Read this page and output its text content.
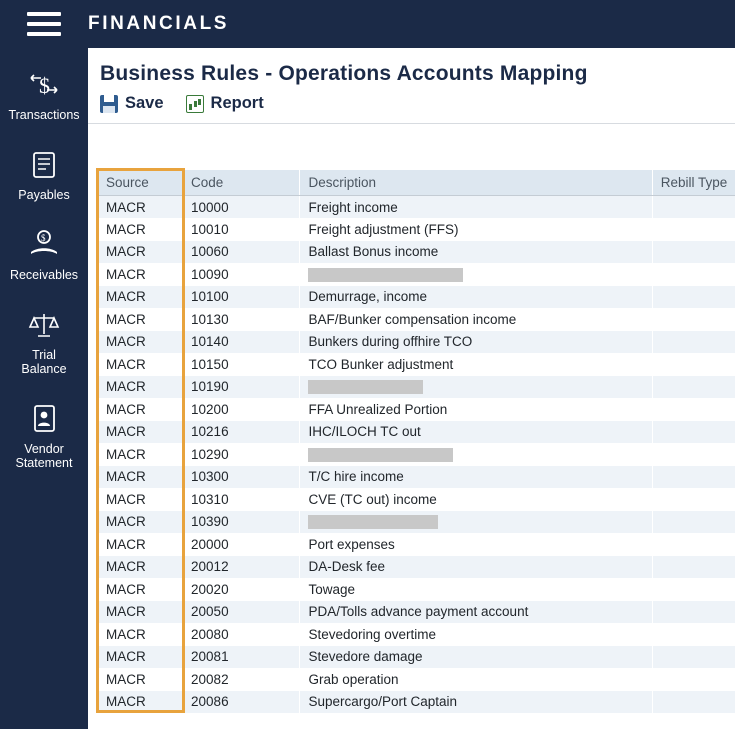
FINANCIALS
$
Transactions
Payables
$
Receivables
Trial
Balance
Vendor
Statement
Business Rules - Operations Accounts Mapping
Save	Report
Source	Code	Description	Rebill Type
MACR	10000	Freight income	
MACR	10010	Freight adjustment (FFS)	
MACR	10060	Ballast Bonus income	
MACR	10090		
MACR	10100	Demurrage, income	
MACR	10130	BAF/Bunker compensation income	
MACR	10140	Bunkers during offhire TCO	
MACR	10150	TCO Bunker adjustment	
MACR	10190		
MACR	10200	FFA Unrealized Portion	
MACR	10216	IHC/ILOCH TC out	
MACR	10290		
MACR	10300	T/C hire income	
MACR	10310	CVE (TC out) income	
MACR	10390		
MACR	20000	Port expenses	
MACR	20012	DA-Desk fee	
MACR	20020	Towage	
MACR	20050	PDA/Tolls advance payment account	
MACR	20080	Stevedoring overtime	
MACR	20081	Stevedore damage	
MACR	20082	Grab operation	
MACR	20086	Supercargo/Port Captain	
